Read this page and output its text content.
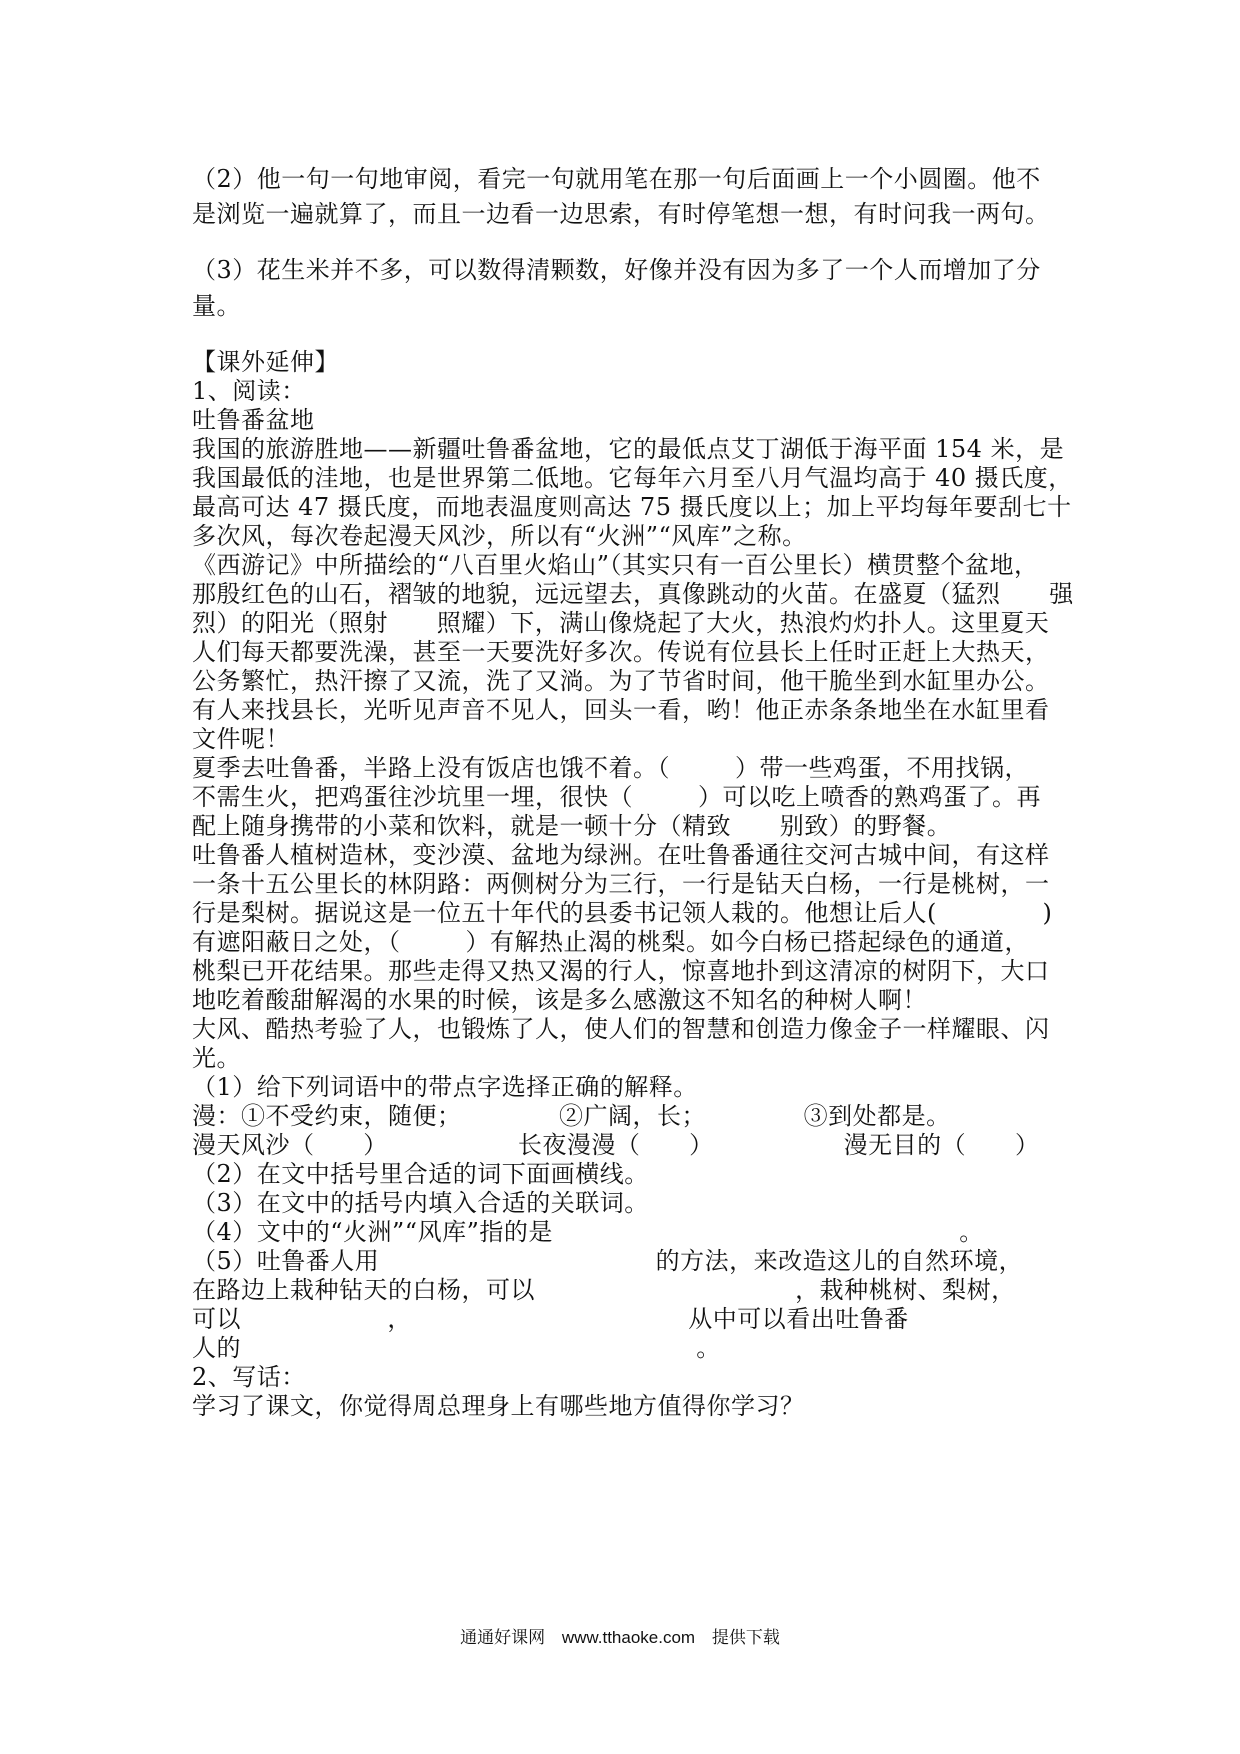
（2）他一句一句地审阅，看完一句就用笔在那一句后面画上一个小圆圈。他不
是浏览一遍就算了，而且一边看一边思索，有时停笔想一想，有时问我一两句。
（3）花生米并不多，可以数得清颗数，好像并没有因为多了一个人而增加了分
量。
【课外延伸】
1、阅读：
吐鲁番盆地
我国的旅游胜地——新疆吐鲁番盆地，它的最低点艾丁湖低于海平面 154 米，是
我国最低的洼地，也是世界第二低地。它每年六月至八月气温均高于 40 摄氏度，
最高可达 47 摄氏度，而地表温度则高达 75 摄氏度以上；加上平均每年要刮七十
多次风，每次卷起漫天风沙，所以有“火洲”“风库”之称。
《西游记》中所描绘的“八百里火焰山”（其实只有一百公里长）横贯整个盆地，
那殷红色的山石，褶皱的地貌，远远望去，真像跳动的火苗。在盛夏（猛烈      强
烈）的阳光（照射      照耀）下，满山像烧起了大火，热浪灼灼扑人。这里夏天
人们每天都要洗澡，甚至一天要洗好多次。传说有位县长上任时正赶上大热天，
公务繁忙，热汗擦了又流，洗了又淌。为了节省时间，他干脆坐到水缸里办公。
有人来找县长，光听见声音不见人，回头一看，哟！他正赤条条地坐在水缸里看
文件呢！
夏季去吐鲁番，半路上没有饭店也饿不着。（        ）带一些鸡蛋，不用找锅，
不需生火，把鸡蛋往沙坑里一埋，很快（        ）可以吃上喷香的熟鸡蛋了。再
配上随身携带的小菜和饮料，就是一顿十分（精致      别致）的野餐。
吐鲁番人植树造林，变沙漠、盆地为绿洲。在吐鲁番通往交河古城中间，有这样
一条十五公里长的林阴路：两侧树分为三行，一行是钻天白杨，一行是桃树，一
行是梨树。据说这是一位五十年代的县委书记领人栽的。他想让后人(             )
有遮阳蔽日之处，（        ）有解热止渴的桃梨。如今白杨已搭起绿色的通道，
桃梨已开花结果。那些走得又热又渴的行人，惊喜地扑到这清凉的树阴下，大口
地吃着酸甜解渴的水果的时候，该是多么感激这不知名的种树人啊！
大风、酷热考验了人，也锻炼了人，使人们的智慧和创造力像金子一样耀眼、闪
光。
（1）给下列词语中的带点字选择正确的解释。
漫：①不受约束，随便；            ②广阔，长；            ③到处都是。
漫天风沙（      ）                长夜漫漫（      ）                漫无目的（      ）
（2）在文中括号里合适的词下面画横线。
（3）在文中的括号内填入合适的关联词。
（4）文中的“火洲”“风库”指的是                                                  。
（5）吐鲁番人用                                  的方法，来改造这儿的自然环境，
在路边上栽种钻天的白杨，可以                                ，栽种桃树、梨树，
可以                  ，                                  从中可以看出吐鲁番
人的                                                        。
2、写话：
学习了课文，你觉得周总理身上有哪些地方值得你学习？
通通好课网 www.tthaoke.com 提供下载
